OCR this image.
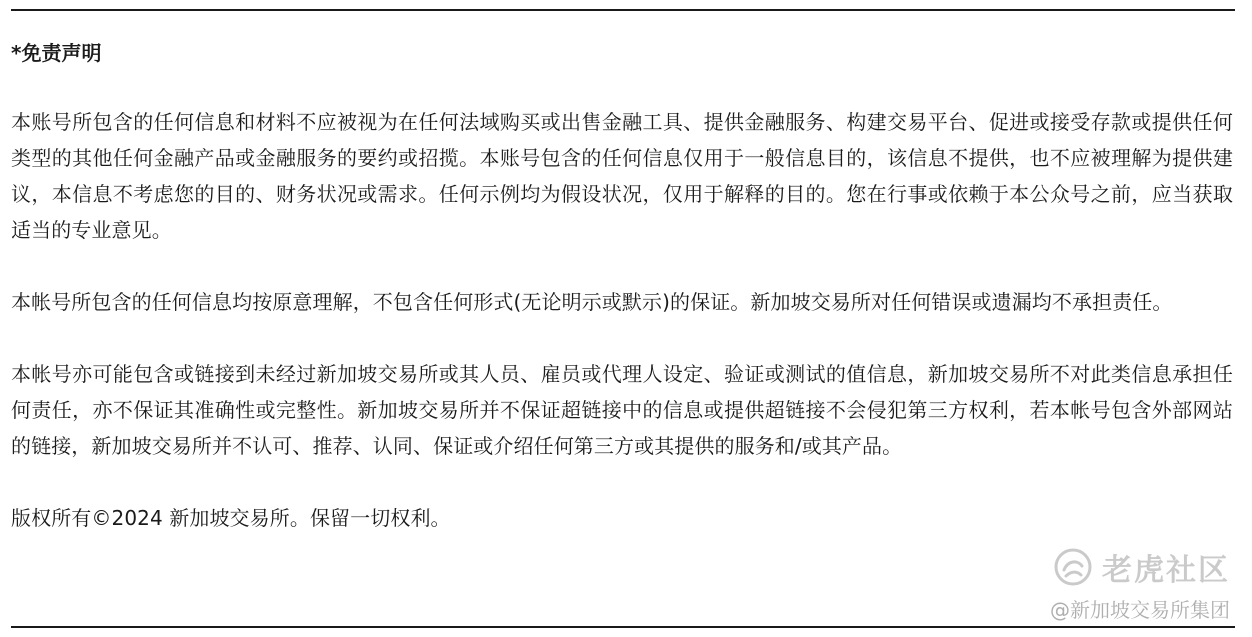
*免责声明

本账号所包含的任何信息和材料不应被视为在任何法域购买或出售金融工具、提供金融服务、构建交易平台、促进或接受存款或提供任何类型的其他任何金融产品或金融服务的要约或招揽。本账号包含的任何信息仅用于一般信息目的，该信息不提供，也不应被理解为提供建议，本信息不考虑您的目的、财务状况或需求。任何示例均为假设状况，仅用于解释的目的。您在行事或依赖于本公众号之前，应当获取适当的专业意见。

本帐号所包含的任何信息均按原意理解，不包含任何形式(无论明示或默示)的保证。新加坡交易所对任何错误或遗漏均不承担责任。

本帐号亦可能包含或链接到未经过新加坡交易所或其人员、雇员或代理人设定、验证或测试的值信息，新加坡交易所不对此类信息承担任何责任，亦不保证其准确性或完整性。新加坡交易所并不保证超链接中的信息或提供超链接不会侵犯第三方权利，若本帐号包含外部网站的链接，新加坡交易所并不认可、推荐、认同、保证或介绍任何第三方或其提供的服务和/或其产品。

版权所有©2024 新加坡交易所。保留一切权利。

老虎社区
@新加坡交易所集团
